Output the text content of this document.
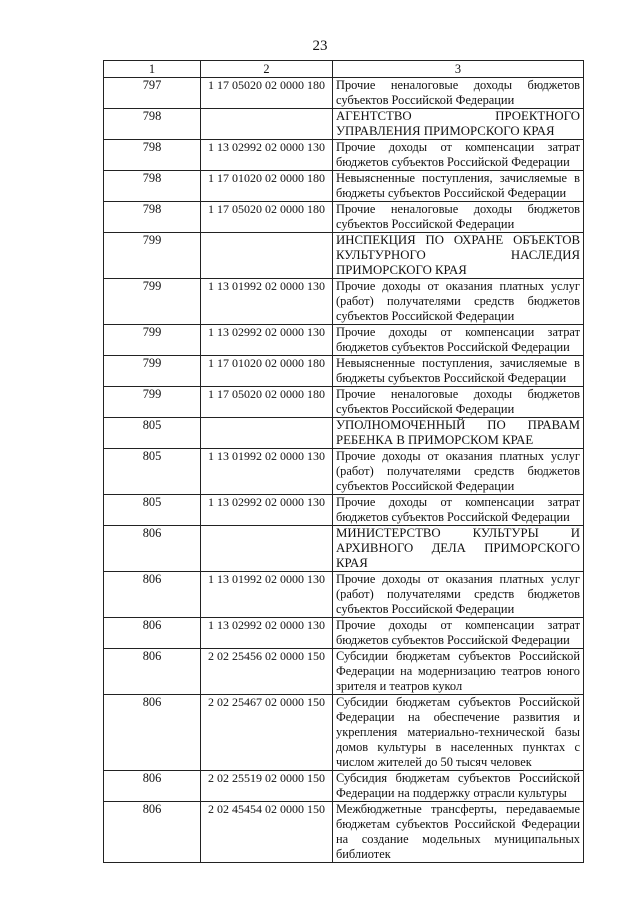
23
1	2	3
797	1 17 05020 02 0000 180	Прочие неналоговые доходы бюджетов субъектов Российской Федерации
798		АГЕНТСТВО ПРОЕКТНОГО УПРАВЛЕНИЯ ПРИМОРСКОГО КРАЯ
798	1 13 02992 02 0000 130	Прочие доходы от компенсации затрат бюджетов субъектов Российской Федерации
798	1 17 01020 02 0000 180	Невыясненные поступления, зачисляемые в бюджеты субъектов Российской Федерации
798	1 17 05020 02 0000 180	Прочие неналоговые доходы бюджетов субъектов Российской Федерации
799		ИНСПЕКЦИЯ ПО ОХРАНЕ ОБЪЕКТОВ КУЛЬТУРНОГО НАСЛЕДИЯ ПРИМОРСКОГО КРАЯ
799	1 13 01992 02 0000 130	Прочие доходы от оказания платных услуг (работ) получателями средств бюджетов субъектов Российской Федерации
799	1 13 02992 02 0000 130	Прочие доходы от компенсации затрат бюджетов субъектов Российской Федерации
799	1 17 01020 02 0000 180	Невыясненные поступления, зачисляемые в бюджеты субъектов Российской Федерации
799	1 17 05020 02 0000 180	Прочие неналоговые доходы бюджетов субъектов Российской Федерации
805		УПОЛНОМОЧЕННЫЙ ПО ПРАВАМ РЕБЕНКА В ПРИМОРСКОМ КРАЕ
805	1 13 01992 02 0000 130	Прочие доходы от оказания платных услуг (работ) получателями средств бюджетов субъектов Российской Федерации
805	1 13 02992 02 0000 130	Прочие доходы от компенсации затрат бюджетов субъектов Российской Федерации
806		МИНИСТЕРСТВО КУЛЬТУРЫ И АРХИВНОГО ДЕЛА ПРИМОРСКОГО КРАЯ
806	1 13 01992 02 0000 130	Прочие доходы от оказания платных услуг (работ) получателями средств бюджетов субъектов Российской Федерации
806	1 13 02992 02 0000 130	Прочие доходы от компенсации затрат бюджетов субъектов Российской Федерации
806	2 02 25456 02 0000 150	Субсидии бюджетам субъектов Российской Федерации на модернизацию театров юного зрителя и театров кукол
806	2 02 25467 02 0000 150	Субсидии бюджетам субъектов Российской Федерации на обеспечение развития и укрепления материально-технической базы домов культуры в населенных пунктах с числом жителей до 50 тысяч человек
806	2 02 25519 02 0000 150	Субсидия бюджетам субъектов Российской Федерации на поддержку отрасли культуры
806	2 02 45454 02 0000 150	Межбюджетные трансферты, передаваемые бюджетам субъектов Российской Федерации на создание модельных муниципальных библиотек
